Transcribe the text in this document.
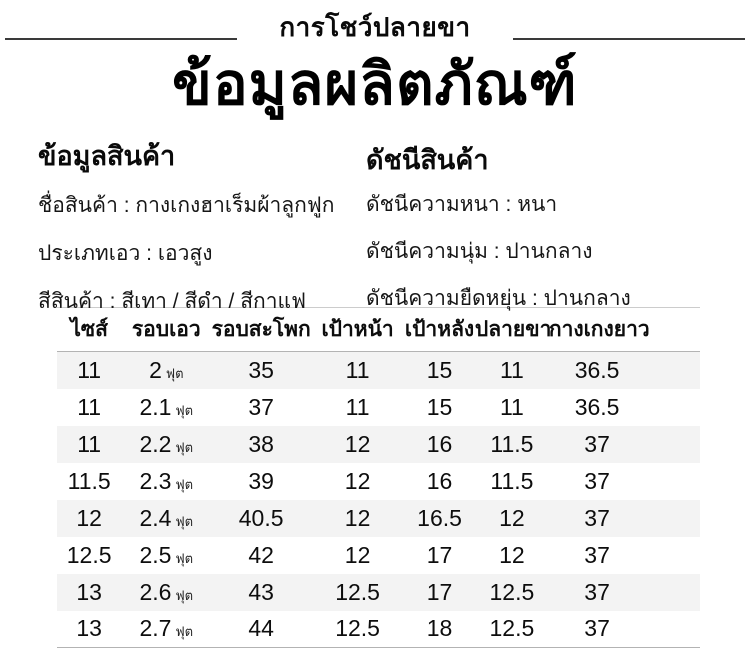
การโชว์ปลายขา
ข้อมูลผลิตภัณฑ์
ข้อมูลสินค้า

ชื่อสินค้า : กางเกงฮาเร็มผ้าลูกฟูก

ประเภทเอว : เอวสูง

สีสินค้า : สีเทา / สีดำ / สีกาแฟ

ดัชนีสินค้า

ดัชนีความหนา : หนา

ดัชนีความนุ่ม : ปานกลาง

ดัชนีความยืดหยุ่น : ปานกลาง

ไซส์	รอบเอว	รอบสะโพก	เป้าหน้า	เป้าหลัง	ปลายขา	กางเกงยาว	
11	2 ฟุต	35	11	15	11	36.5	
11	2.1 ฟุต	37	11	15	11	36.5	
11	2.2 ฟุต	38	12	16	11.5	37	
11.5	2.3 ฟุต	39	12	16	11.5	37	
12	2.4 ฟุต	40.5	12	16.5	12	37	
12.5	2.5 ฟุต	42	12	17	12	37	
13	2.6 ฟุต	43	12.5	17	12.5	37	
13	2.7 ฟุต	44	12.5	18	12.5	37	
